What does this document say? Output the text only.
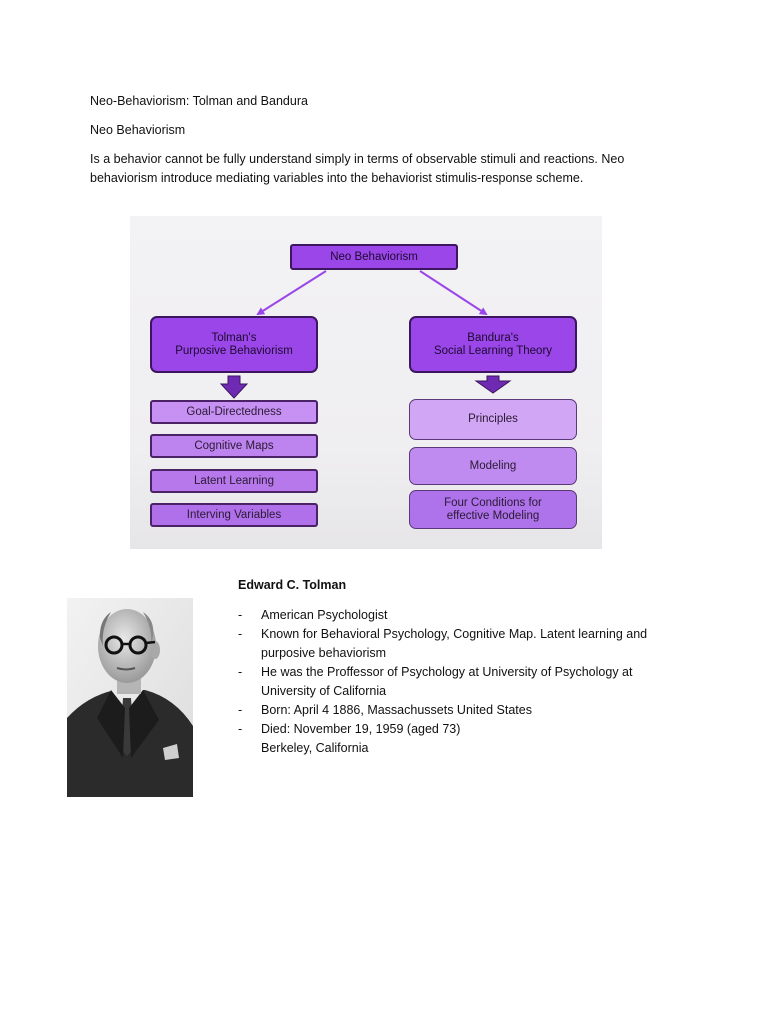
Neo-Behaviorism: Tolman and Bandura
Neo Behaviorism
Is a behavior cannot be fully understand simply in terms of observable stimuli and reactions. Neo behaviorism introduce mediating variables into the behaviorist stimulis-response scheme.
Neo Behaviorism
Tolman's
Purposive Behaviorism
Bandura's
Social Learning Theory
Goal-Directedness
Cognitive Maps
Latent Learning
Interving Variables
Principles
Modeling
Four Conditions for
effective Modeling
Edward C. Tolman
- American Psychologist
- Known for Behavioral Psychology, Cognitive Map. Latent learning and purposive behaviorism
- He was the Proffessor of Psychology at University of Psychology at University of California
- Born: April 4 1886, Massachussets United States
- Died: November 19, 1959 (aged 73)
Berkeley, California
